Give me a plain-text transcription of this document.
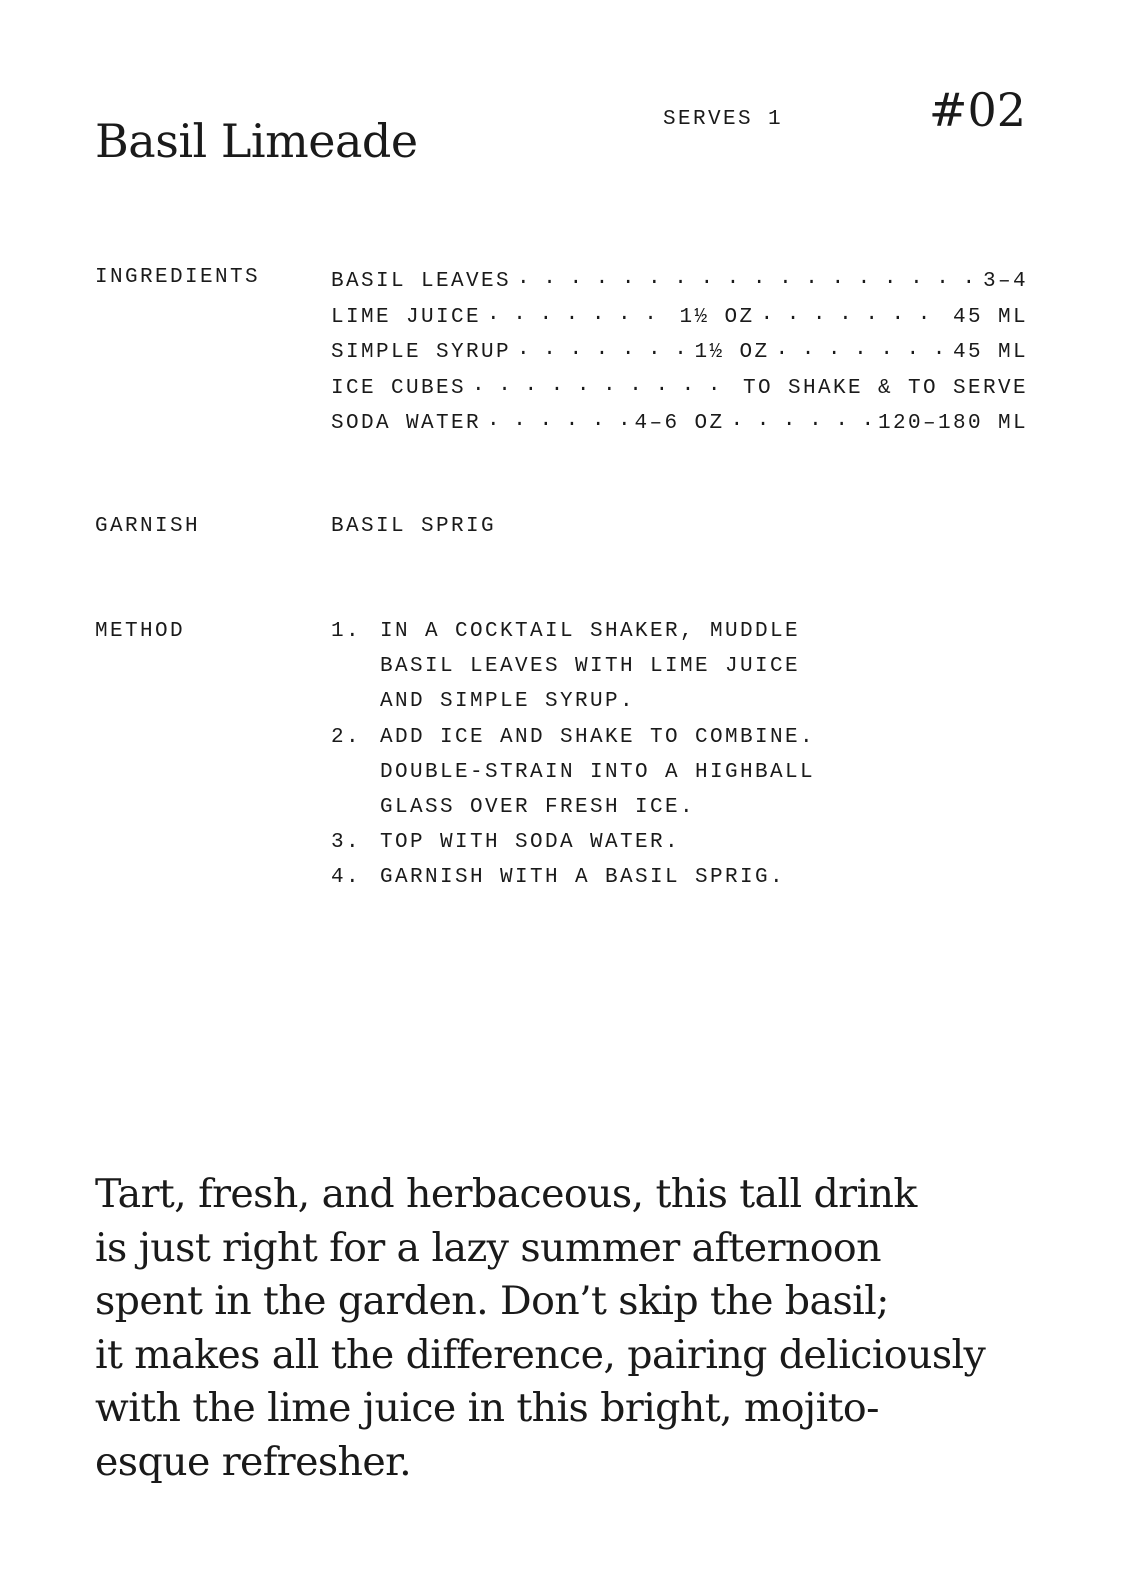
Basil Limeade	SERVES 1	#02
INGREDIENTS	BASIL LEAVES . . .	3–4
LIME JUICE . . .	1½ OZ . . .	45 ML
SIMPLE SYRUP . . .	1½ OZ . . .	45 ML
ICE CUBES . . .	TO SHAKE & TO SERVE
SODA WATER . . .	4–6 OZ . . .	120–180 ML
GARNISH	BASIL SPRIG
METHOD	1. IN A COCKTAIL SHAKER, MUDDLE
BASIL LEAVES WITH LIME JUICE
AND SIMPLE SYRUP.
2. ADD ICE AND SHAKE TO COMBINE.
DOUBLE-STRAIN INTO A HIGHBALL
GLASS OVER FRESH ICE.
3. TOP WITH SODA WATER.
4. GARNISH WITH A BASIL SPRIG.

Tart, fresh, and herbaceous, this tall drink
is just right for a lazy summer afternoon
spent in the garden. Don’t skip the basil;
it makes all the difference, pairing deliciously
with the lime juice in this bright, mojito-
esque refresher.
